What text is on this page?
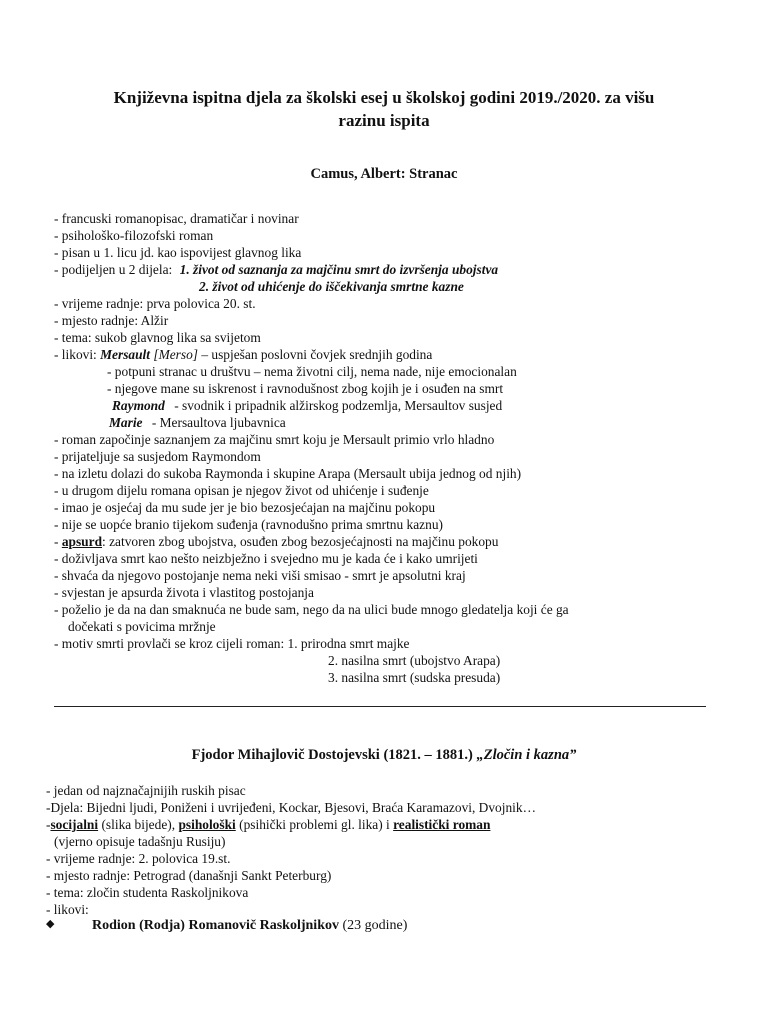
Književna ispitna djela za školski esej u školskoj godini 2019./2020. za višu
razinu ispita
Camus, Albert: Stranac
- francuski romanopisac, dramatičar i novinar
- psihološko-filozofski roman
- pisan u 1. licu jd. kao ispovijest glavnog lika
- podijeljen u 2 dijela: 1. život od saznanja za majčinu smrt do izvršenja ubojstva
2. život od uhićenje do iščekivanja smrtne kazne
- vrijeme radnje: prva polovica 20. st.
- mjesto radnje: Alžir
- tema: sukob glavnog lika sa svijetom
- likovi: Mersault [Merso] – uspješan poslovni čovjek srednjih godina
- potpuni stranac u društvu – nema životni cilj, nema nade, nije emocionalan
- njegove mane su iskrenost i ravnodušnost zbog kojih je i osuđen na smrt
Raymond - svodnik i pripadnik alžirskog podzemlja, Mersaultov susjed
Marie - Mersaultova ljubavnica
- roman započinje saznanjem za majčinu smrt koju je Mersault primio vrlo hladno
- prijateljuje sa susjedom Raymondom
- na izletu dolazi do sukoba Raymonda i skupine Arapa (Mersault ubija jednog od njih)
- u drugom dijelu romana opisan je njegov život od uhićenje i suđenje
- imao je osjećaj da mu sude jer je bio bezosjećajan na majčinu pokopu
- nije se uopće branio tijekom suđenja (ravnodušno prima smrtnu kaznu)
- apsurd: zatvoren zbog ubojstva, osuđen zbog bezosjećajnosti na majčinu pokopu
- doživljava smrt kao nešto neizbježno i svejedno mu je kada će i kako umrijeti
- shvaća da njegovo postojanje nema neki viši smisao - smrt je apsolutni kraj
- svjestan je apsurda života i vlastitog postojanja
- poželio je da na dan smaknuća ne bude sam, nego da na ulici bude mnogo gledatelja koji će ga
dočekati s povicima mržnje
- motiv smrti provlači se kroz cijeli roman: 1. prirodna smrt majke
2. nasilna smrt (ubojstvo Arapa)
3. nasilna smrt (sudska presuda)
Fjodor Mihajlovič Dostojevski (1821. – 1881.) „Zločin i kazna”
- jedan od najznačajnijih ruskih pisac
-Djela: Bijedni ljudi, Poniženi i uvrijeđeni, Kockar, Bjesovi, Braća Karamazovi, Dvojnik…
-socijalni (slika bijede), psihološki (psihički problemi gl. lika) i realistički roman
(vjerno opisuje tadašnju Rusiju)
- vrijeme radnje: 2. polovica 19.st.
- mjesto radnje: Petrograd (današnji Sankt Peterburg)
- tema: zločin studenta Raskoljnikova
- likovi:
◆	Rodion (Rodja) Romanovič Raskoljnikov (23 godine)
